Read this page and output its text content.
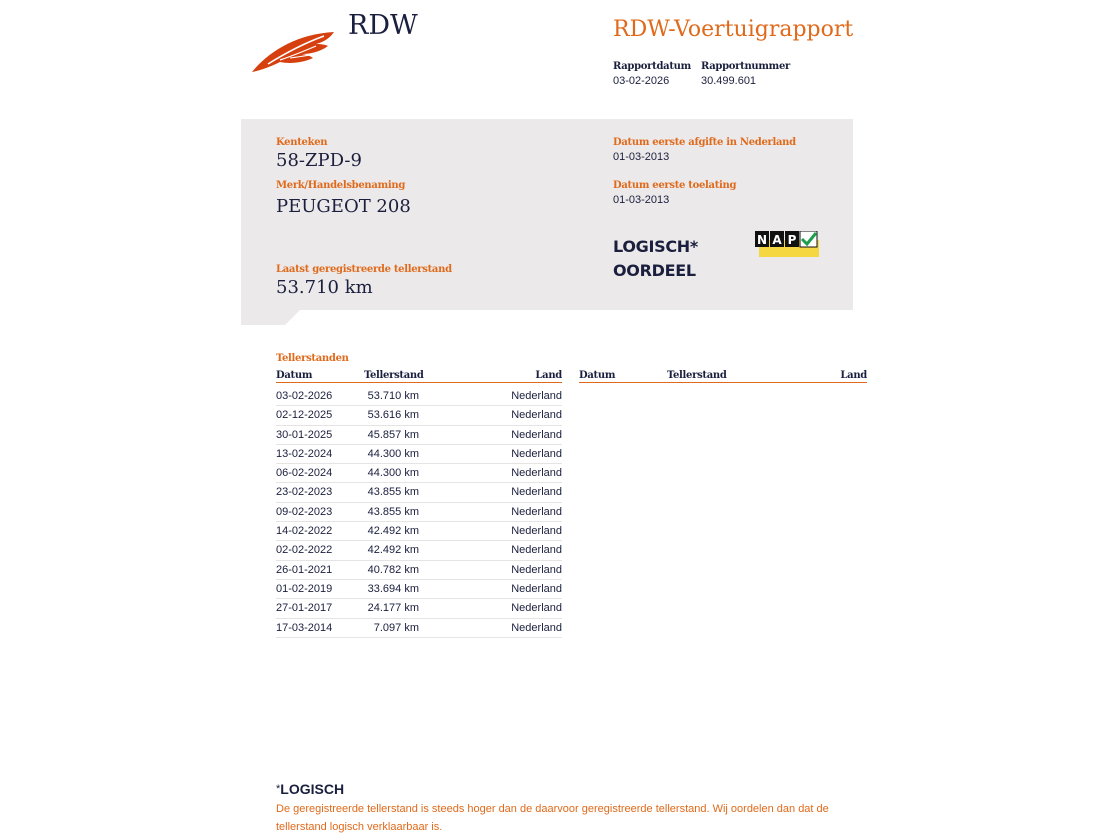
RDW	RDW-Voertuigrapport
Rapportdatum
03-02-2026
Rapportnummer
30.499.601
Kenteken
58-ZPD-9
Merk/Handelsbenaming
PEUGEOT 208
Laatst geregistreerde tellerstand
53.710 km
Datum eerste afgifte in Nederland
01-03-2013
Datum eerste toelating
01-03-2013
LOGISCH*
OORDEEL
N A P
Tellerstanden
Datum	Tellerstand	Land Datum	Tellerstand	Land
03-02-2026	53.710 km	Nederland
02-12-2025	53.616 km	Nederland
30-01-2025	45.857 km	Nederland
13-02-2024	44.300 km	Nederland
06-02-2024	44.300 km	Nederland
23-02-2023	43.855 km	Nederland
09-02-2023	43.855 km	Nederland
14-02-2022	42.492 km	Nederland
02-02-2022	42.492 km	Nederland
26-01-2021	40.782 km	Nederland
01-02-2019	33.694 km	Nederland
27-01-2017	24.177 km	Nederland
17-03-2014	7.097 km	Nederland
*LOGISCH
De geregistreerde tellerstand is steeds hoger dan de daarvoor geregistreerde tellerstand. Wij oordelen dan dat de tellerstand logisch verklaarbaar is.
